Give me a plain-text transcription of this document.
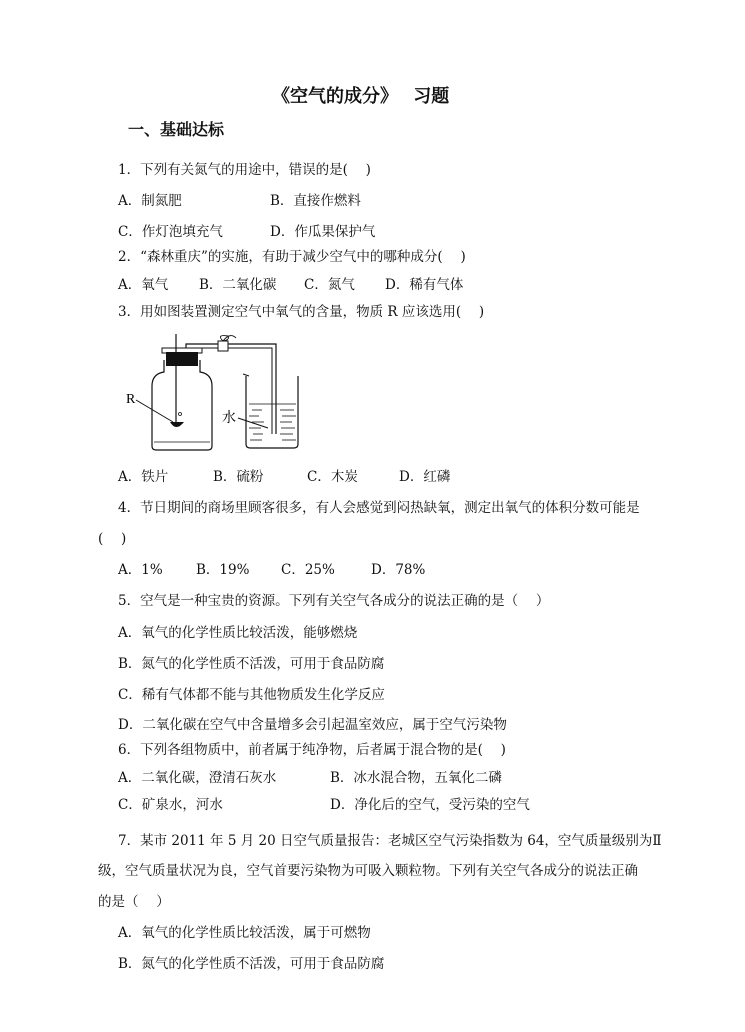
《空气的成分》　 习题
一、基础达标
1．下列有关氮气的用途中，错误的是(　 )
A．制氮肥	B．直接作燃料
C．作灯泡填充气	D．作瓜果保护气
2．“森林重庆”的实施，有助于减少空气中的哪种成分(　 )
A．氧气 B．二氧化碳 C．氮气 D．稀有气体
3．用如图装置测定空气中氧气的含量，物质 R 应该选用(　 )
R
水
A．铁片	B．硫粉	C．木炭	D．红磷
4．节日期间的商场里顾客很多，有人会感觉到闷热缺氧，测定出氧气的体积分数可能是
(　 )
A．1% B．19% C．25%	D．78%
5．空气是一种宝贵的资源。下列有关空气各成分的说法正确的是（　 ）
A．氧气的化学性质比较活泼，能够燃烧
B．氮气的化学性质不活泼，可用于食品防腐
C．稀有气体都不能与其他物质发生化学反应
D．二氧化碳在空气中含量增多会引起温室效应，属于空气污染物
6．下列各组物质中，前者属于纯净物，后者属于混合物的是(　 )
A．二氧化碳，澄清石灰水	B．冰水混合物，五氧化二磷
C．矿泉水，河水	D．净化后的空气，受污染的空气
7．某市 2011 年 5 月 20 日空气质量报告：老城区空气污染指数为 64，空气质量级别为Ⅱ
级，空气质量状况为良，空气首要污染物为可吸入颗粒物。下列有关空气各成分的说法正确
的是（　 ）
A．氧气的化学性质比较活泼，属于可燃物
B．氮气的化学性质不活泼，可用于食品防腐
